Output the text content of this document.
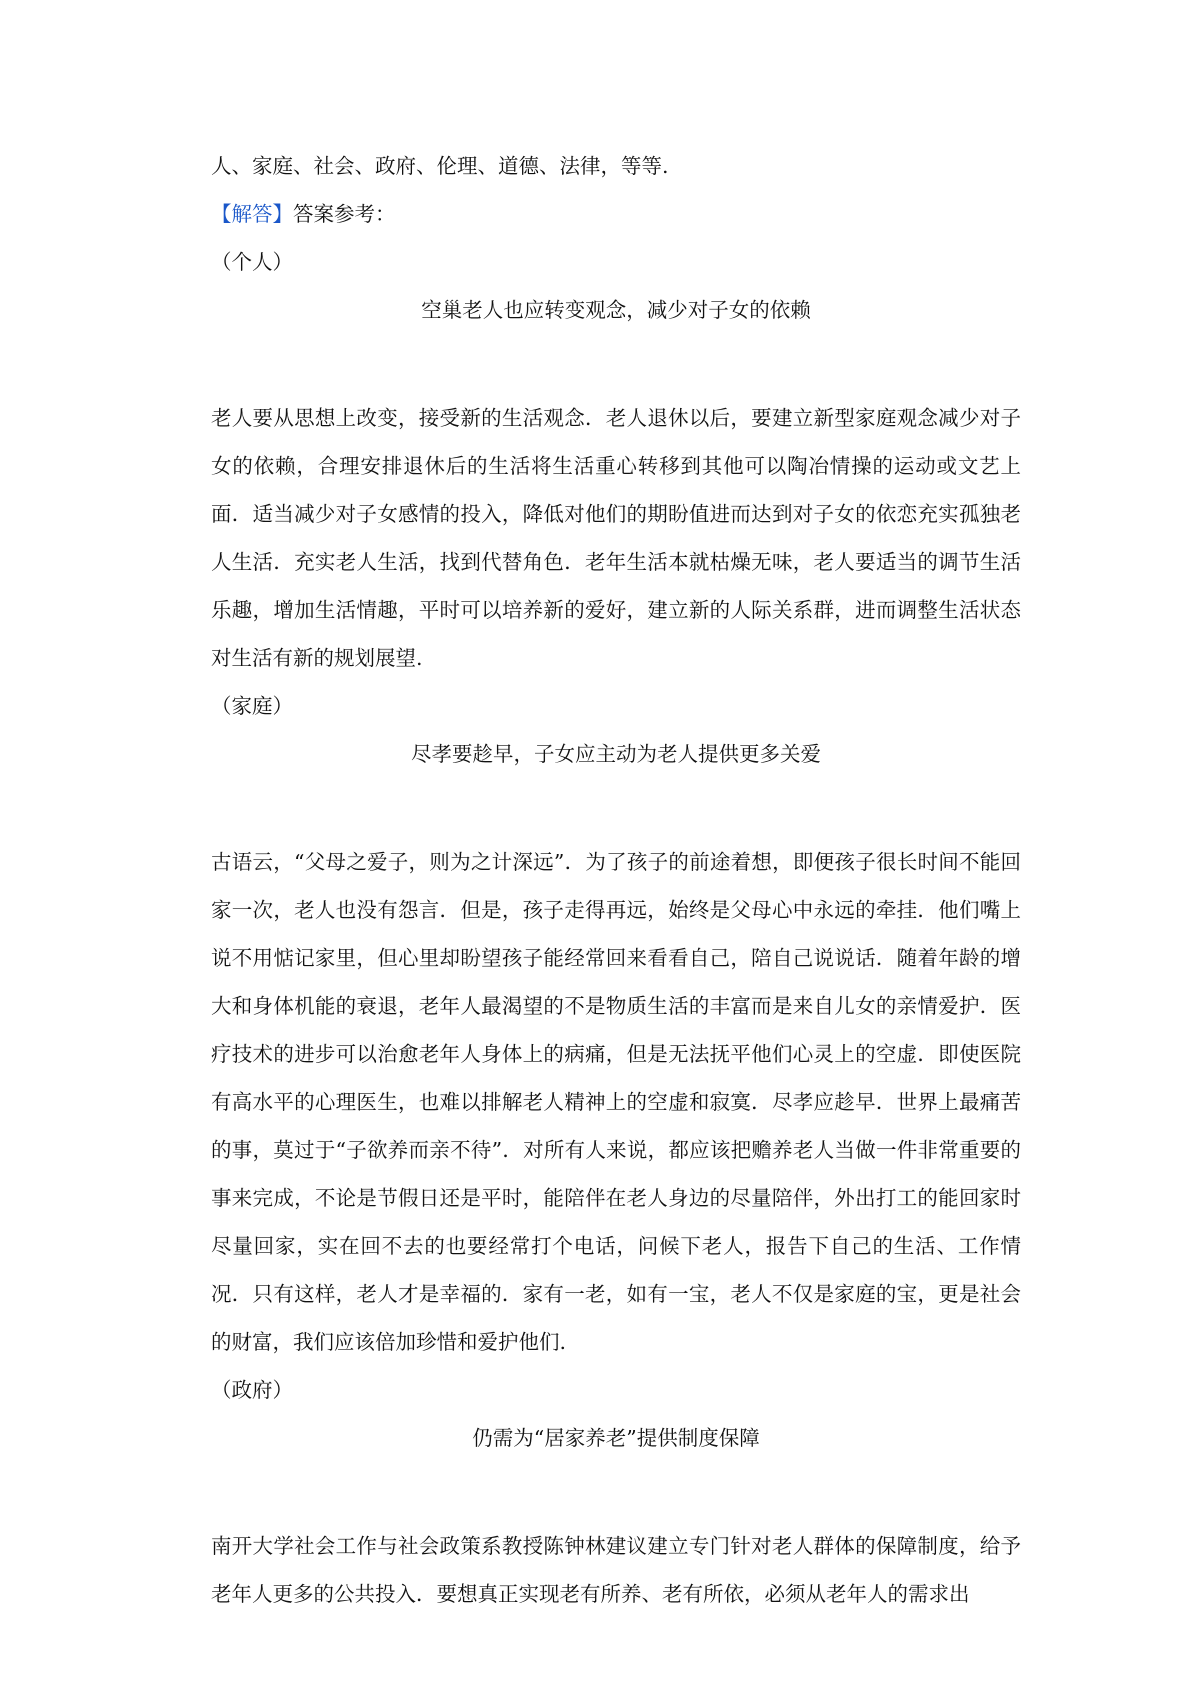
人、家庭、社会、政府、伦理、道德、法律，等等.
【解答】答案参考：
（个人）
空巢老人也应转变观念，减少对子女的依赖

老人要从思想上改变，接受新的生活观念．老人退休以后，要建立新型家庭观念减少对子女的依赖，合理安排退休后的生活将生活重心转移到其他可以陶冶情操的运动或文艺上面．适当减少对子女感情的投入，降低对他们的期盼值进而达到对子女的依恋充实孤独老人生活．充实老人生活，找到代替角色．老年生活本就枯燥无味，老人要适当的调节生活乐趣，增加生活情趣，平时可以培养新的爱好，建立新的人际关系群，进而调整生活状态对生活有新的规划展望.

（家庭）
尽孝要趁早，子女应主动为老人提供更多关爱

古语云，“父母之爱子，则为之计深远”．为了孩子的前途着想，即便孩子很长时间不能回家一次，老人也没有怨言．但是，孩子走得再远，始终是父母心中永远的牵挂．他们嘴上说不用惦记家里，但心里却盼望孩子能经常回来看看自己，陪自己说说话．随着年龄的增大和身体机能的衰退，老年人最渴望的不是物质生活的丰富而是来自儿女的亲情爱护．医疗技术的进步可以治愈老年人身体上的病痛，但是无法抚平他们心灵上的空虚．即使医院有高水平的心理医生，也难以排解老人精神上的空虚和寂寞．尽孝应趁早．世界上最痛苦的事，莫过于“子欲养而亲不待”．对所有人来说，都应该把赡养老人当做一件非常重要的事来完成，不论是节假日还是平时，能陪伴在老人身边的尽量陪伴，外出打工的能回家时尽量回家，实在回不去的也要经常打个电话，问候下老人，报告下自己的生活、工作情况．只有这样，老人才是幸福的．家有一老，如有一宝，老人不仅是家庭的宝，更是社会的财富，我们应该倍加珍惜和爱护他们.

（政府）
仍需为“居家养老”提供制度保障

南开大学社会工作与社会政策系教授陈钟林建议建立专门针对老人群体的保障制度，给予老年人更多的公共投入．要想真正实现老有所养、老有所依，必须从老年人的需求出
